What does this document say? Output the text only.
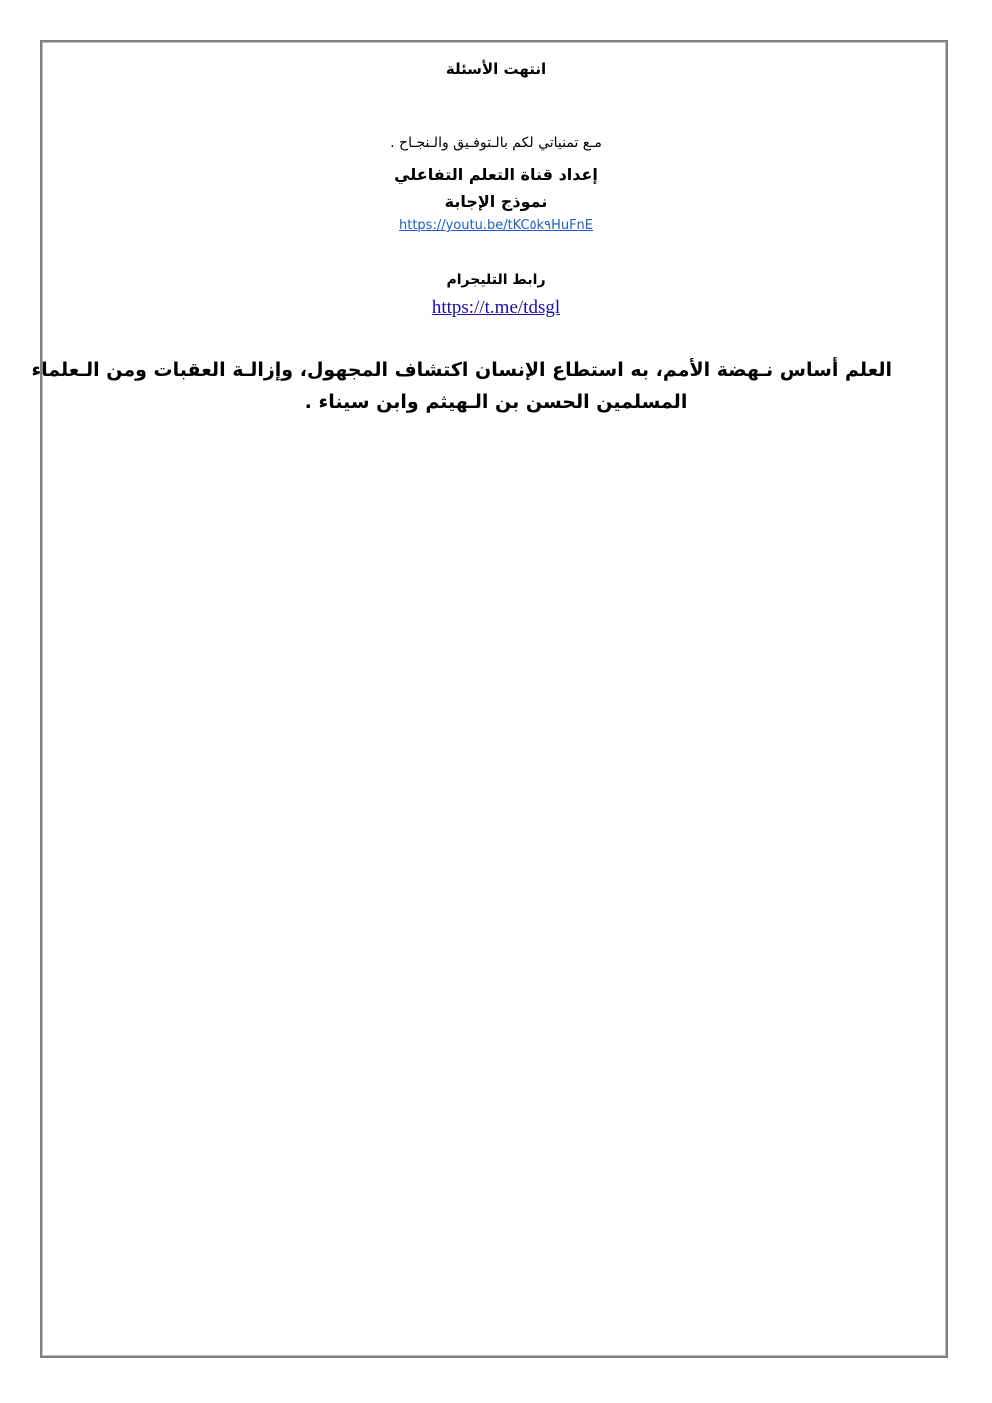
انتهت الأسئلة
مـع تمنياتي لكم بالـتوفـيق والـنجـاح .
إعداد قناة التعلم التفاعلي
نموذج الإجابة
https://youtu.be/tKC٥k٩HuFnE
رابط التليجرام
https://t.me/tdsgl
العلم أساس نـهضة الأمم، به استطاع الإنسان اكتشاف المجهول، وإزالـة العقبات ومن الـعلماء
المسلمين الحسن بن الـهيثم وابن سيناء .
